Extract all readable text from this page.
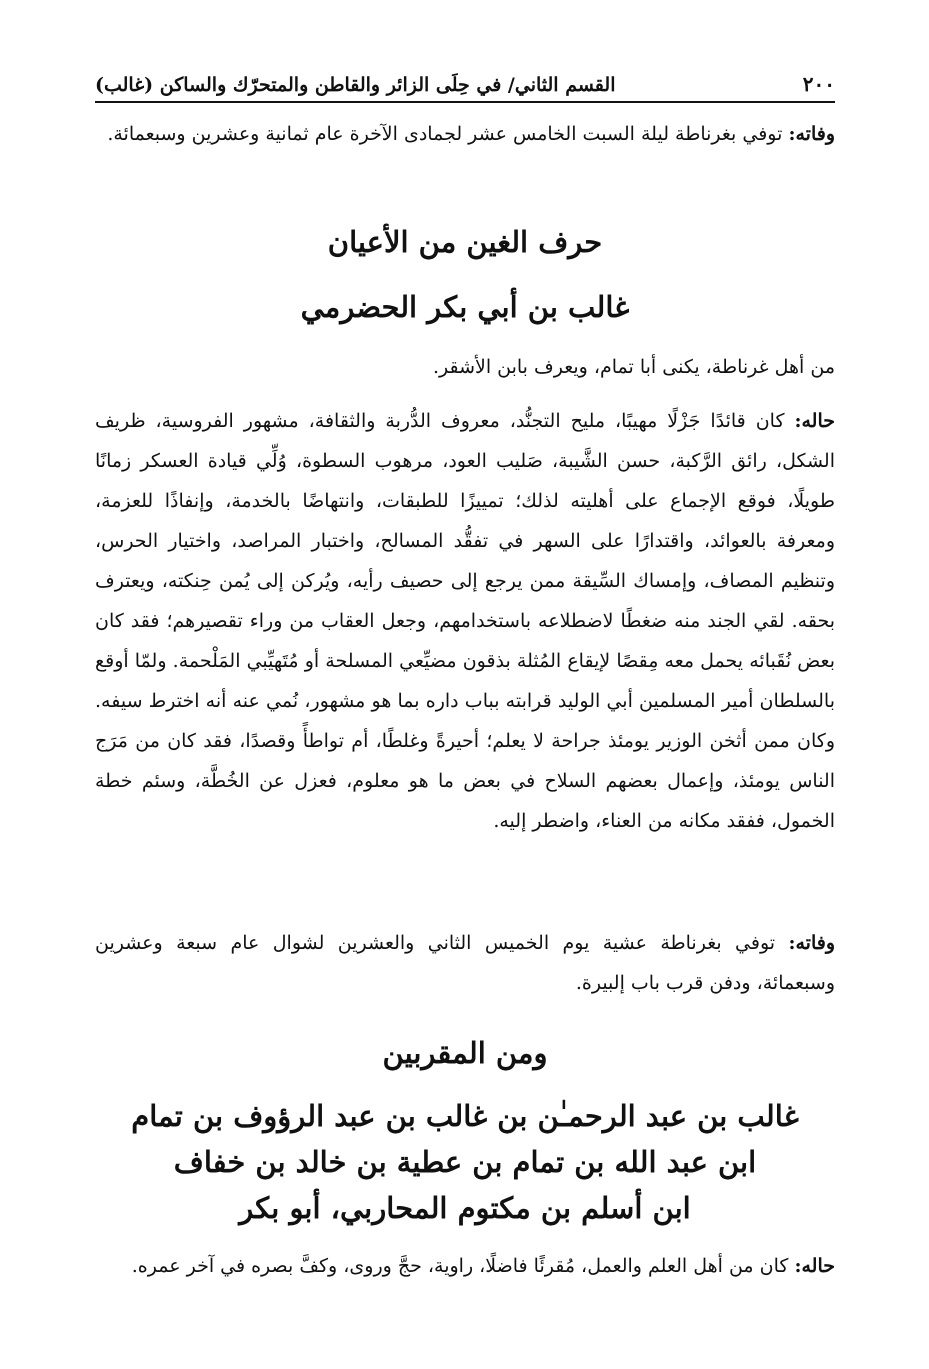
٢٠٠
القسم الثاني/ في حِلَى الزائر والقاطن والمتحرّك والساكن (غالب)
وفاته: توفي بغرناطة ليلة السبت الخامس عشر لجمادى الآخرة عام ثمانية وعشرين وسبعمائة.
حرف الغين من الأعيان
غالب بن أبي بكر الحضرمي
من أهل غرناطة، يكنى أبا تمام، ويعرف بابن الأشقر.
حاله: كان قائدًا جَزْلًا مهيبًا، مليح التجنُّد، معروف الدُّربة والثقافة، مشهور الفروسية، ظريف الشكل، رائق الرَّكبة، حسن الشَّيبة، صَليب العود، مرهوب السطوة، وُلِّي قيادة العسكر زمانًا طويلًا، فوقع الإجماع على أهليته لذلك؛ تمييزًا للطبقات، وانتهاضًا بالخدمة، وإنفاذًا للعزمة، ومعرفة بالعوائد، واقتدارًا على السهر في تفقُّد المسالح، واختبار المراصد، واختيار الحرس، وتنظيم المصاف، وإمساك السِّيقة ممن يرجع إلى حصيف رأيه، ويُركن إلى يُمن حِنكته، ويعترف بحقه. لقي الجند منه ضغطًا لاضطلاعه باستخدامهم، وجعل العقاب من وراء تقصيرهم؛ فقد كان بعض نُقَبائه يحمل معه مِقصًا لإيقاع المُثلة بذقون مضيِّعي المسلحة أو مُتَهيِّبي المَلْحمة. ولمّا أوقع بالسلطان أمير المسلمين أبي الوليد قرابته بباب داره بما هو مشهور، نُمي عنه أنه اخترط سيفه. وكان ممن أثخن الوزير يومئذ جراحة لا يعلم؛ أحيرةً وغلطًا، أم تواطأً وقصدًا، فقد كان من مَرَج الناس يومئذ، وإعمال بعضهم السلاح في بعض ما هو معلوم، فعزل عن الخُطَّة، وسئم خطة الخمول، ففقد مكانه من العناء، واضطر إليه.
وفاته: توفي بغرناطة عشية يوم الخميس الثاني والعشرين لشوال عام سبعة وعشرين وسبعمائة، ودفن قرب باب إلبيرة.
ومن المقربين
غالب بن عبد الرحمـٰن بن غالب بن عبد الرؤوف بن تمام
ابن عبد الله بن تمام بن عطية بن خالد بن خفاف
ابن أسلم بن مكتوم المحاربي، أبو بكر
حاله: كان من أهل العلم والعمل، مُقرئًا فاضلًا، راوية، حجَّ وروى، وكفَّ بصره في آخر عمره.
